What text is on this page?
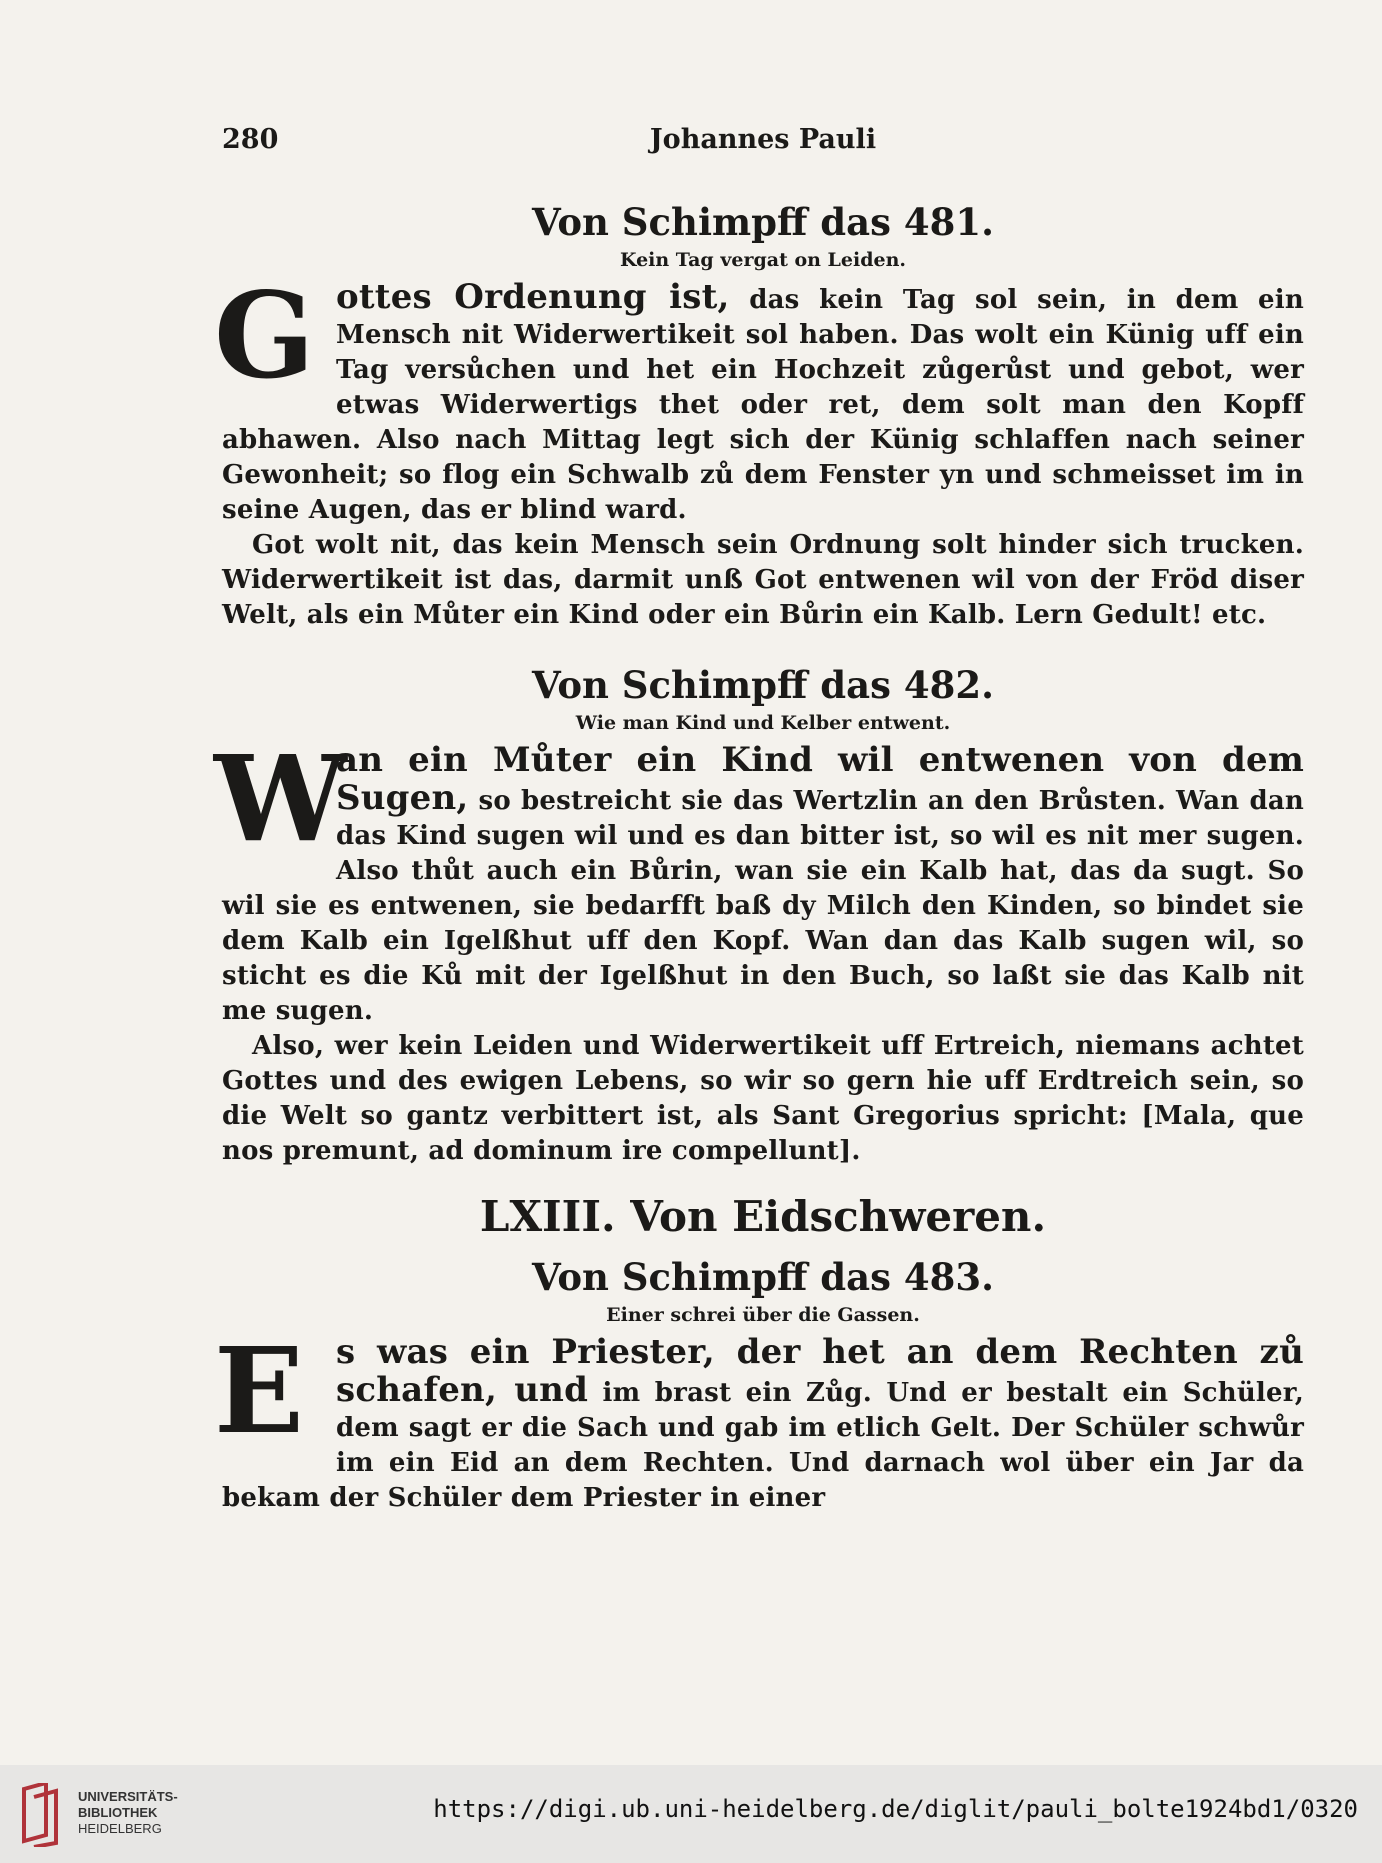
280	Johannes Pauli
Von Schimpff das 481.
Kein Tag vergat on Leiden.

G ottes Ordenung ist, das kein Tag sol sein, in dem ein Mensch nit Widerwertikeit sol haben. Das wolt ein Künig uff ein Tag versůchen und het ein Hochzeit zůgerůst und gebot, wer etwas Widerwertigs thet oder ret, dem solt man den Kopff abhawen. Also nach Mittag legt sich der Künig schlaffen nach seiner Gewonheit; so flog ein Schwalb zů dem Fenster yn und schmeisset im in seine Augen, das er blind ward.

Got wolt nit, das kein Mensch sein Ordnung solt hinder sich trucken. Widerwertikeit ist das, darmit unß Got entwenen wil von der Fröd diser Welt, als ein Můter ein Kind oder ein Bůrin ein Kalb. Lern Gedult! etc.

Von Schimpff das 482.
Wie man Kind und Kelber entwent.

W
an ein Můter ein Kind wil entwenen von dem Sugen, so bestreicht sie das Wertzlin an den Brůsten. Wan dan das Kind sugen wil und es dan bitter ist, so wil es nit mer sugen. Also thůt auch ein Bůrin, wan sie ein Kalb hat, das da sugt. So wil sie es entwenen, sie bedarfft baß dy Milch den Kinden, so bindet sie dem Kalb ein Igelßhut uff den Kopf. Wan dan das Kalb sugen wil, so sticht es die Ků mit der Igelßhut in den Buch, so laßt sie das Kalb nit me sugen.

Also, wer kein Leiden und Widerwertikeit uff Ertreich, niemans achtet Gottes und des ewigen Lebens, so wir so gern hie uff Erdtreich sein, so die Welt so gantz verbittert ist, als Sant Gregorius spricht: [Mala, que nos premunt, ad dominum ire compellunt].

LXIII. Von Eidschweren.
Von Schimpff das 483.
Einer schrei über die Gassen.

E s was ein Priester, der het an dem Rechten zů schafen, und im brast ein Zůg. Und er bestalt ein Schüler, dem sagt er die Sach und gab im etlich Gelt. Der Schüler schwůr im ein Eid an dem Rechten. Und darnach wol über ein Jar da bekam der Schüler dem Priester in einer

UNIVERSITÄTS-
BIBLIOTHEK
HEIDELBERG
https://digi.ub.uni-heidelberg.de/diglit/pauli_bolte1924bd1/0320
